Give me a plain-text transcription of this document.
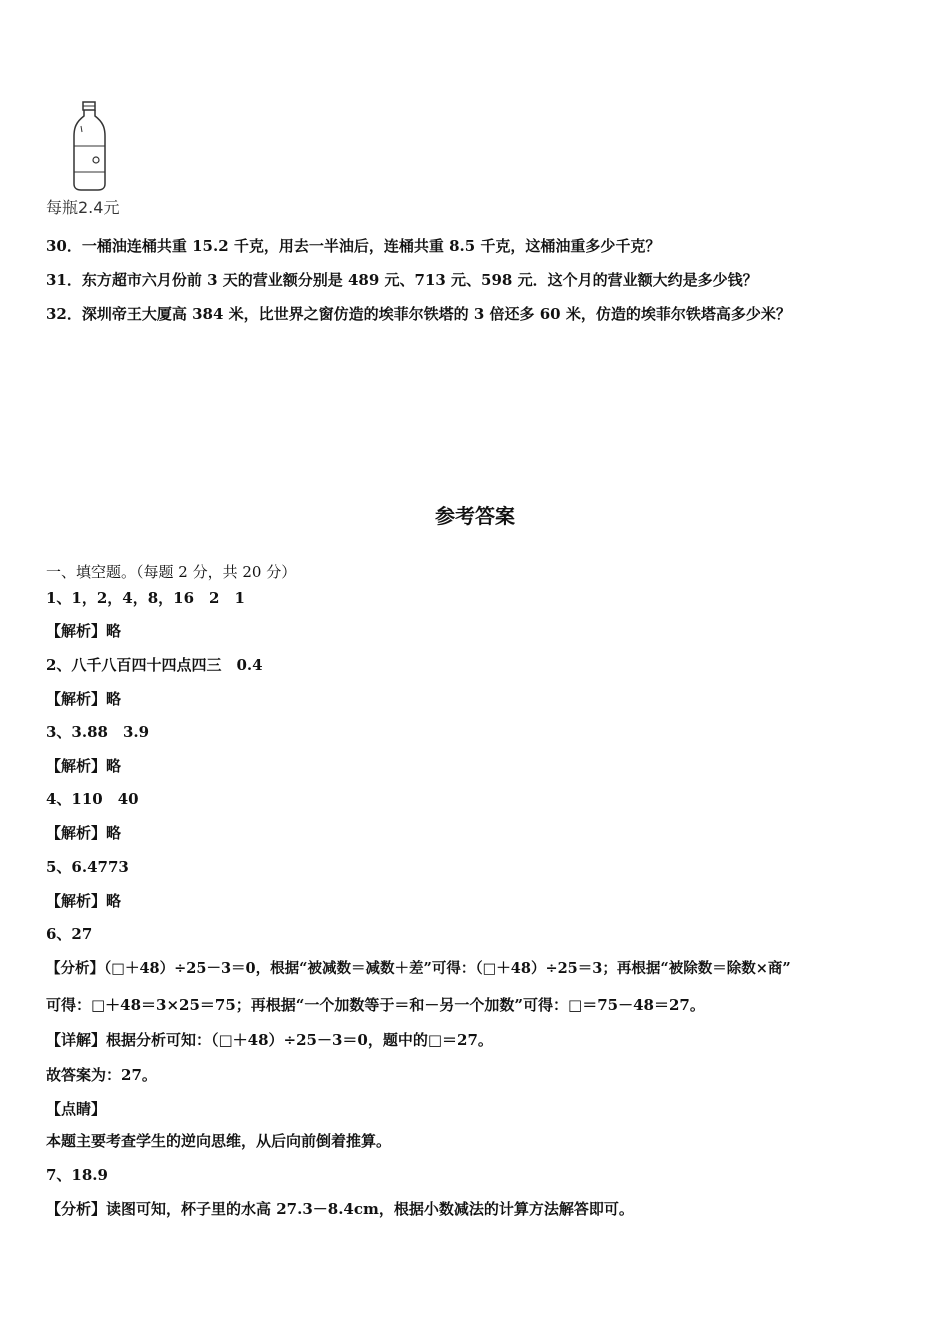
每瓶2.4元
30．一桶油连桶共重 15.2 千克，用去一半油后，连桶共重 8.5 千克，这桶油重多少千克？
31．东方超市六月份前 3 天的营业额分别是 489 元、713 元、598 元．这个月的营业额大约是多少钱？
32．深圳帝王大厦高 384 米，比世界之窗仿造的埃菲尔铁塔的 3 倍还多 60 米，仿造的埃菲尔铁塔高多少米？
参考答案
一、填空题。（每题 2 分，共 20 分）
1、1，2，4，8，16　2　1
【解析】略
2、八千八百四十四点四三　0.4
【解析】略
3、3.88　3.9
【解析】略
4、110　40
【解析】略
5、6.4773
【解析】略
6、27
【分析】（□＋48）÷25－3＝0，根据“被减数＝减数＋差”可得：（□＋48）÷25＝3；再根据“被除数＝除数×商”
可得：□＋48＝3×25＝75；再根据“一个加数等于＝和－另一个加数”可得：□＝75－48＝27。
【详解】根据分析可知：（□＋48）÷25－3＝0，题中的□＝27。
故答案为：27。
【点睛】
本题主要考查学生的逆向思维，从后向前倒着推算。
7、18.9
【分析】读图可知，杯子里的水高 27.3－8.4cm，根据小数减法的计算方法解答即可。
